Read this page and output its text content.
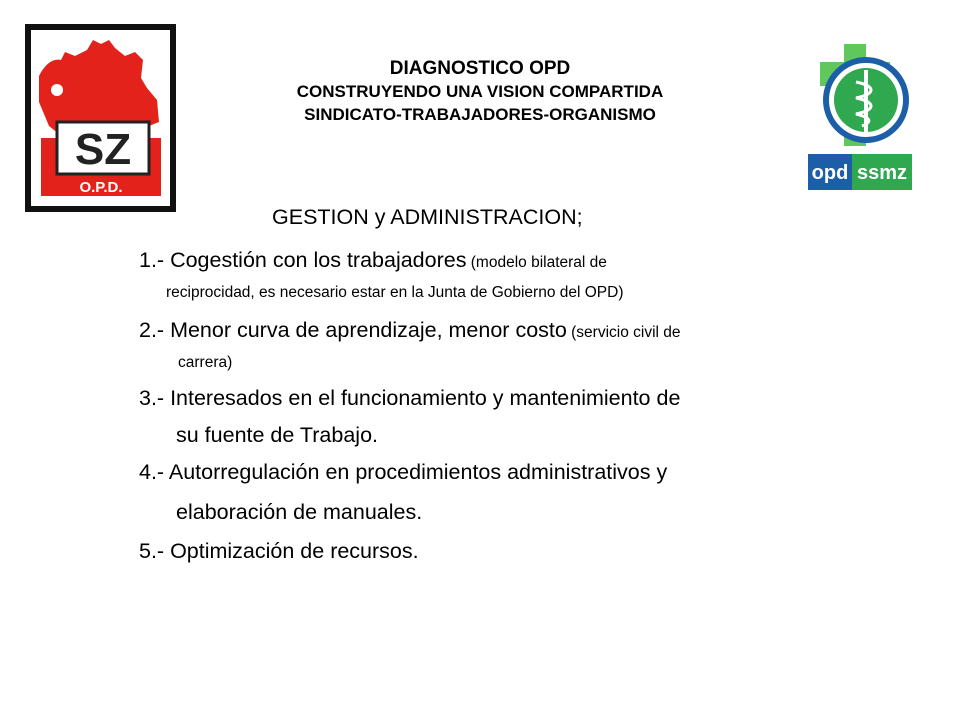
SZ
O.P.D.
DIAGNOSTICO OPD
CONSTRUYENDO UNA VISION COMPARTIDA
SINDICATO-TRABAJADORES-ORGANISMO
opd ssmz
GESTION y ADMINISTRACION;
1.- Cogestión con los trabajadores (modelo bilateral de
reciprocidad, es necesario estar en la Junta de Gobierno del OPD)
2.- Menor curva de aprendizaje, menor costo (servicio civil de
carrera)
3.- Interesados en el funcionamiento y mantenimiento de
su fuente de Trabajo.
4.- Autorregulación en procedimientos administrativos y
elaboración de manuales.
5.- Optimización de recursos.
